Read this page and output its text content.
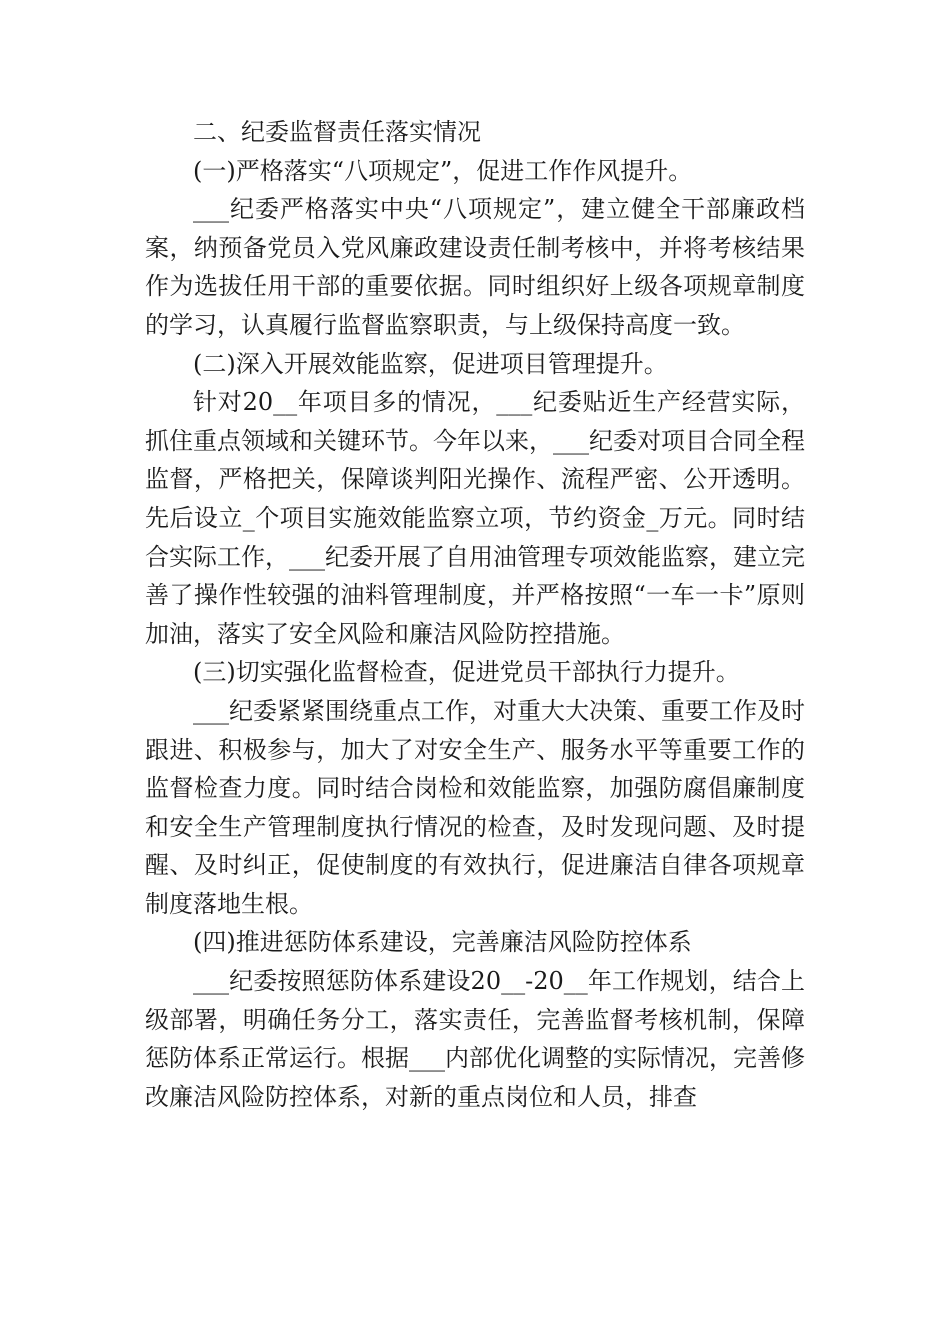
二、纪委监督责任落实情况

(一)严格落实“八项规定”，促进工作作风提升。

___纪委严格落实中央“八项规定”，建立健全干部廉政档案，纳预备党员入党风廉政建设责任制考核中，并将考核结果作为选拔任用干部的重要依据。同时组织好上级各项规章制度的学习，认真履行监督监察职责，与上级保持高度一致。

(二)深入开展效能监察，促进项目管理提升。

针对20__年项目多的情况，___纪委贴近生产经营实际，抓住重点领域和关键环节。今年以来，___纪委对项目合同全程监督，严格把关，保障谈判阳光操作、流程严密、公开透明。先后设立_个项目实施效能监察立项，节约资金_万元。同时结合实际工作，___纪委开展了自用油管理专项效能监察，建立完善了操作性较强的油料管理制度，并严格按照“一车一卡”原则加油，落实了安全风险和廉洁风险防控措施。

(三)切实强化监督检查，促进党员干部执行力提升。

___纪委紧紧围绕重点工作，对重大大决策、重要工作及时跟进、积极参与，加大了对安全生产、服务水平等重要工作的监督检查力度。同时结合岗检和效能监察，加强防腐倡廉制度和安全生产管理制度执行情况的检查，及时发现问题、及时提醒、及时纠正，促使制度的有效执行，促进廉洁自律各项规章制度落地生根。

(四)推进惩防体系建设，完善廉洁风险防控体系

___纪委按照惩防体系建设20__-20__年工作规划，结合上级部署，明确任务分工，落实责任，完善监督考核机制，保障惩防体系正常运行。根据___内部优化调整的实际情况，完善修改廉洁风险防控体系，对新的重点岗位和人员，排查
